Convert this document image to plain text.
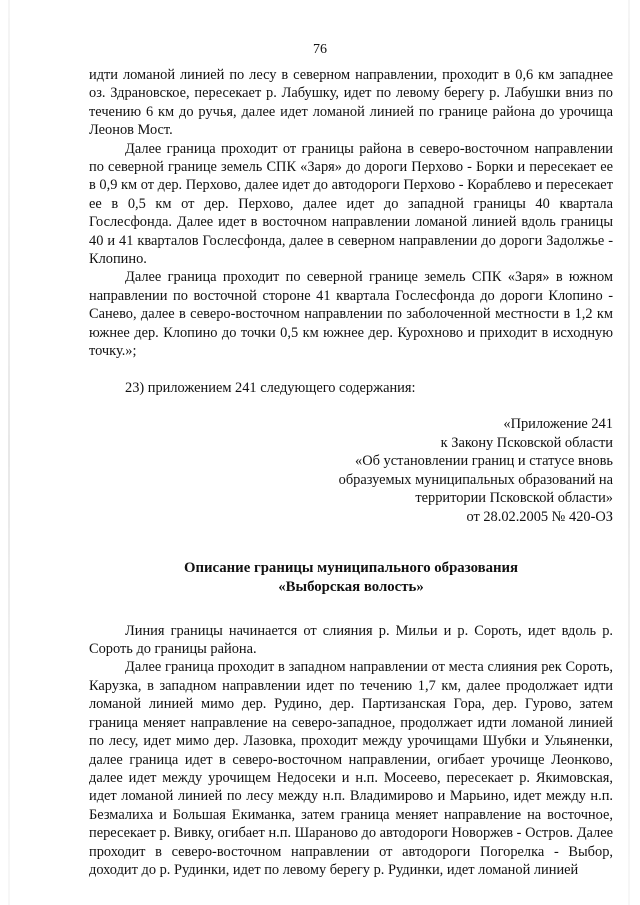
76

идти ломаной линией по лесу в северном направлении, проходит в 0,6 км западнее оз. Здрановское, пересекает р. Лабушку, идет по левому берегу р. Лабушки вниз по течению 6 км до ручья, далее идет ломаной линией по границе района до урочища Леонов Мост.

Далее граница проходит от границы района в северо-восточном направлении по северной границе земель СПК «Заря» до дороги Перхово - Борки и пересекает ее в 0,9 км от дер. Перхово, далее идет до автодороги Перхово - Кораблево и пересекает ее в 0,5 км от дер. Перхово, далее идет до западной границы 40 квартала Гослесфонда. Далее идет в восточном направлении ломаной линией вдоль границы 40 и 41 кварталов Гослесфонда, далее в северном направлении до дороги Задолжье - Клопино.

Далее граница проходит по северной границе земель СПК «Заря» в южном направлении по восточной стороне 41 квартала Гослесфонда до дороги Клопино - Санево, далее в северо-восточном направлении по заболоченной местности в 1,2 км южнее дер. Клопино до точки 0,5 км южнее дер. Курохново и приходит в исходную точку.»;

23) приложением 241 следующего содержания:

«Приложение 241
к Закону Псковской области
«Об установлении границ и статусе вновь
образуемых муниципальных образований на
территории Псковской области»
от 28.02.2005 № 420-ОЗ
Описание границы муниципального образования
«Выборская волость»

Линия границы начинается от слияния р. Мильи и р. Сороть, идет вдоль р. Сороть до границы района.

Далее граница проходит в западном направлении от места слияния рек Сороть, Карузка, в западном направлении идет по течению 1,7 км, далее продолжает идти ломаной линией мимо дер. Рудино, дер. Партизанская Гора, дер. Гурово, затем граница меняет направление на северо-западное, продолжает идти ломаной линией по лесу, идет мимо дер. Лазовка, проходит между урочищами Шубки и Ульяненки, далее граница идет в северо-восточном направлении, огибает урочище Леонково, далее идет между урочищем Недосеки и н.п. Мосеево, пересекает р. Якимовская, идет ломаной линией по лесу между н.п. Владимирово и Марьино, идет между н.п. Безмалиха и Большая Екиманка, затем граница меняет направление на восточное, пересекает р. Вивку, огибает н.п. Шараново до автодороги Новоржев - Остров. Далее проходит в северо-восточном направлении от автодороги Погорелка - Выбор, доходит до р. Рудинки, идет по левому берегу р. Рудинки, идет ломаной линией
